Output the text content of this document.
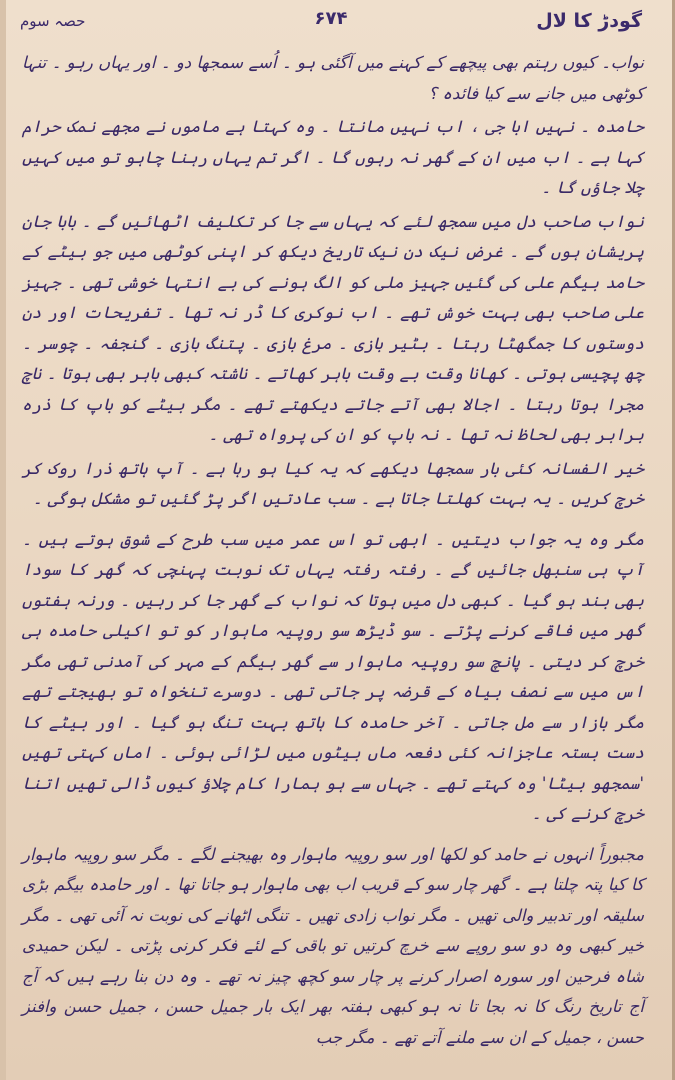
گودڑ کا لال
۶۷۴
حصہ سوم

نواب۔ کیوں رہتم بھی پیچھے کے کہنے میں آگئی ہو ۔ اُسے سمجھا دو ۔ اور یہاں رہو ۔ تنہا کوٹھی میں جانے سے کیا فائدہ ؟

حامدہ ۔ نہیں ابا جی ، اب نہیں مانتا ۔ وہ کہتا ہے ماموں نے مجھے نمک حرام کہا ہے ۔ اب میں ان کے گھر نہ رہوں گا ۔ اگر تم یہاں رہنا چاہو تو میں کہیں چلا جاؤں گا ۔

نواب صاحب دل میں سمجھ لئے کہ یہاں سے جا کر تکلیف اٹھائیں گے ۔ بابا جان پریشان ہوں گے ۔ غرض نیک دن نیک تاریخ دیکھ کر اپنی کوٹھی میں جو بیٹے کے حامد بیگم علی کی گئیں جہیز ملی کو الگ ہونے کی بے انتہا خوشی تھی ۔ جہیز علی صاحب بھی بہت خوش تھے ۔ اب نوکری کا ڈر نہ تھا ۔ تفریحات اور دن دوستوں کا جمگھٹا رہتا ۔ بٹیر بازی ۔ مرغ بازی ۔ پتنگ بازی ۔ گنجفہ ۔ چوسر ۔ چھ پچیسی ہوتی ۔ کھانا وقت بے وقت باہر کھاتے ۔ ناشتہ کبھی باہر بھی ہوتا ۔ ناچ مجرا ہوتا رہتا ۔ اجالا بھی آتے جاتے دیکھتے تھے ۔ مگر بیٹے کو باپ کا ذرہ برابر بھی لحاظ نہ تھا ۔ نہ باپ کو ان کی پرواہ تھی ۔

خیر الفسانہ کئی بار سمجھا دیکھے کہ یہ کیا ہو رہا ہے ۔ آپ ہاتھ ذرا روک کر خرچ کریں ۔ یہ بہت کھلتا جاتا ہے ۔ سب عادتیں اگر پڑ گئیں تو مشکل ہوگی ۔

مگر وہ یہ جواب دیتیں ۔ ابھی تو اس عمر میں سب طرح کے شوق ہوتے ہیں ۔ آپ ہی سنبھل جائیں گے ۔ رفتہ رفتہ یہاں تک نوبت پہنچی کہ گھر کا سودا بھی بند ہو گیا ۔ کبھی دل میں ہوتا کہ نواب کے گھر جا کر رہیں ۔ ورنہ ہفتوں گھر میں فاقے کرنے پڑتے ۔ سو ڈیڑھ سو روپیہ ماہوار کو تو اکیلی حامدہ ہی خرچ کر دیتی ۔ پانچ سو روپیہ ماہوار سے گھر بیگم کے مہر کی آمدنی تھی مگر اس میں سے نصف بیاہ کے قرضہ پر جاتی تھی ۔ دوسرے تنخواہ تو بھیجتے تھے مگر بازار سے مل جاتی ۔ آخر حامدہ کا ہاتھ بہت تنگ ہو گیا ۔ اور بیٹے کا دست بستہ عاجزانہ کئی دفعہ ماں بیٹوں میں لڑائی ہوئی ۔ اماں کہتی تھیں 'سمجھو بیٹا' وہ کہتے تھے ۔ جہاں سے ہو ہمارا کام چلاؤ کیوں ڈالی تھیں اتنا خرچ کرنے کی ۔

مجبوراً انہوں نے حامد کو لکھا اور سو روپیہ ماہوار وہ بھیجنے لگے ۔ مگر سو روپیہ ماہوار کا کیا پتہ چلتا ہے ۔ گھر چار سو کے قریب اب بھی ماہوار ہو جاتا تھا ۔ اور حامدہ بیگم بڑی سلیقہ اور تدبیر والی تھیں ۔ مگر نواب زادی تھیں ۔ تنگی اٹھانے کی نوبت نہ آئی تھی ۔ مگر خیر کبھی وہ دو سو روپے سے خرچ کرتیں تو باقی کے لئے فکر کرنی پڑتی ۔ لیکن حمیدی شاہ فرحین اور سورہ اصرار کرنے پر چار سو کچھ چیز نہ تھے ۔ وہ دن بنا رہے ہیں کہ آج آج تاریخ رنگ کا نہ بجا تا نہ ہو کبھی ہفتہ بھر ایک بار جمیل حسن ، جمیل حسن وافنز حسن ، جمیل کے ان سے ملنے آتے تھے ۔ مگر جب
